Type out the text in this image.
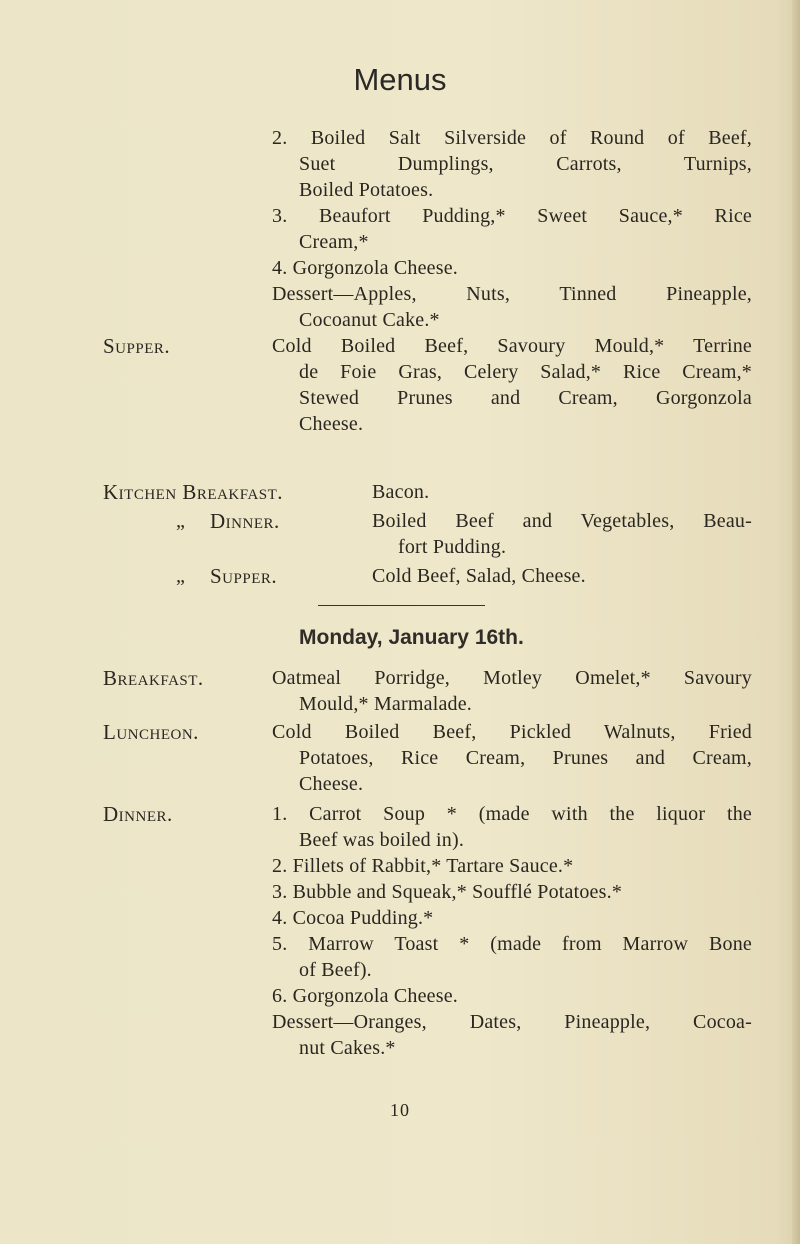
Menus
2. Boiled Salt Silverside of Round of Beef,
Suet Dumplings, Carrots, Turnips,
Boiled Potatoes.
3. Beaufort Pudding,* Sweet Sauce,* Rice
Cream,*
4. Gorgonzola Cheese.
Dessert—Apples, Nuts, Tinned Pineapple,
Cocoanut Cake.*
Supper.	Cold Boiled Beef, Savoury Mould,* Terrine
de Foie Gras, Celery Salad,* Rice Cream,*
Stewed Prunes and Cream, Gorgonzola
Cheese.
Kitchen Breakfast.	Bacon.
„ Dinner.	Boiled Beef and Vegetables, Beau-
fort Pudding.
„ Supper.	Cold Beef, Salad, Cheese.
Monday, January 16th.
Breakfast.	Oatmeal Porridge, Motley Omelet,* Savoury
Mould,* Marmalade.
Luncheon.	Cold Boiled Beef, Pickled Walnuts, Fried
Potatoes, Rice Cream, Prunes and Cream,
Cheese.
Dinner.	1. Carrot Soup * (made with the liquor the
Beef was boiled in).
2. Fillets of Rabbit,* Tartare Sauce.*
3. Bubble and Squeak,* Soufflé Potatoes.*
4. Cocoa Pudding.*
5. Marrow Toast * (made from Marrow Bone
of Beef).
6. Gorgonzola Cheese.
Dessert—Oranges, Dates, Pineapple, Cocoa-
nut Cakes.*
10
